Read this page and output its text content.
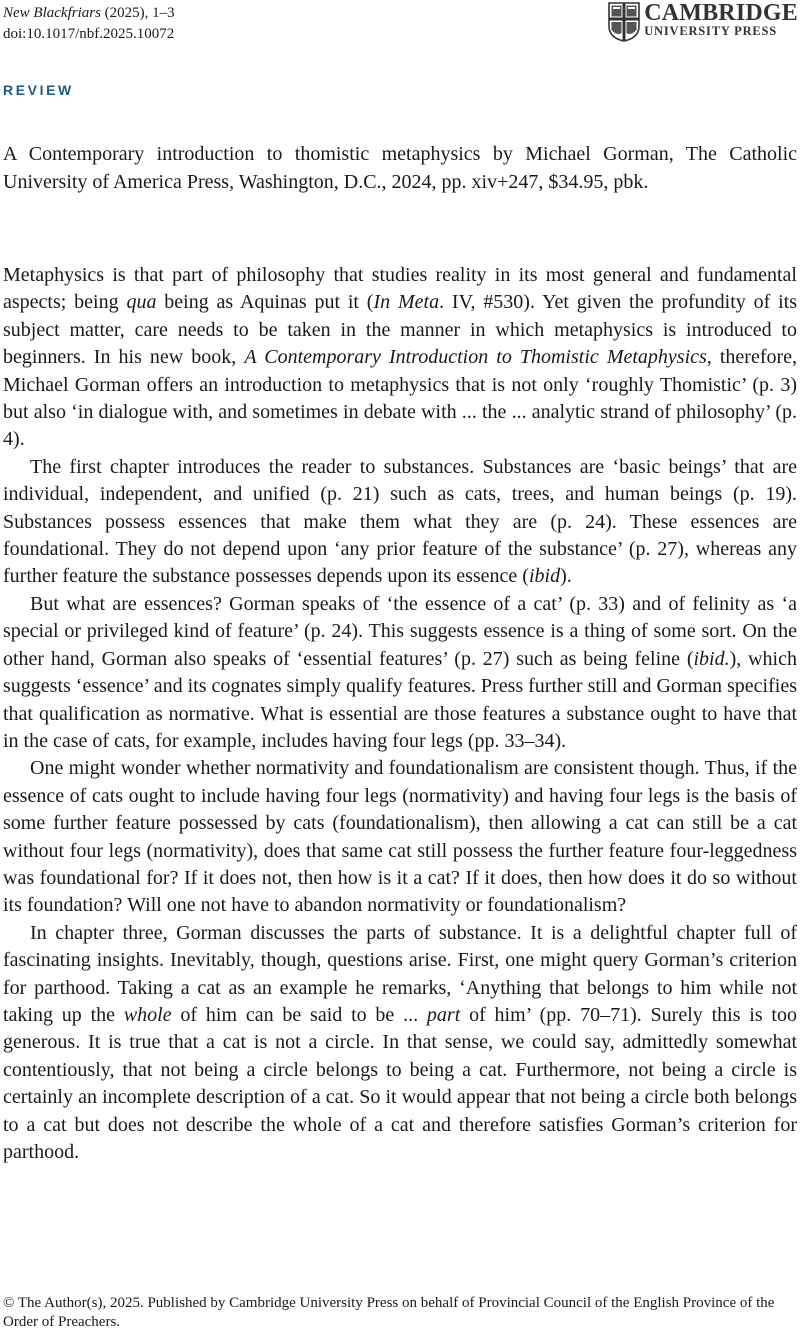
New Blackfriars (2025), 1–3
doi:10.1017/nbf.2025.10072
CAMBRIDGE
UNIVERSITY PRESS
REVIEW
A Contemporary introduction to thomistic metaphysics by Michael Gorman, The Catholic University of America Press, Washington, D.C., 2024, pp. xiv+247, $34.95, pbk.

Metaphysics is that part of philosophy that studies reality in its most general and fundamental aspects; being qua being as Aquinas put it (In Meta. IV, #530). Yet given the profundity of its subject matter, care needs to be taken in the manner in which metaphysics is introduced to beginners. In his new book, A Contemporary Introduction to Thomistic Metaphysics, therefore, Michael Gorman offers an introduction to metaphysics that is not only ‘roughly Thomistic’ (p. 3) but also ‘in dialogue with, and sometimes in debate with ... the ... analytic strand of philosophy’ (p. 4).

The first chapter introduces the reader to substances. Substances are ‘basic beings’ that are individual, independent, and unified (p. 21) such as cats, trees, and human beings (p. 19). Substances possess essences that make them what they are (p. 24). These essences are foundational. They do not depend upon ‘any prior feature of the substance’ (p. 27), whereas any further feature the substance possesses depends upon its essence (ibid).

But what are essences? Gorman speaks of ‘the essence of a cat’ (p. 33) and of felinity as ‘a special or privileged kind of feature’ (p. 24). This suggests essence is a thing of some sort. On the other hand, Gorman also speaks of ‘essential features’ (p. 27) such as being feline (ibid.), which suggests ‘essence’ and its cognates simply qualify features. Press further still and Gorman specifies that qualification as normative. What is essential are those features a substance ought to have that in the case of cats, for example, includes having four legs (pp. 33–34).

One might wonder whether normativity and foundationalism are consistent though. Thus, if the essence of cats ought to include having four legs (normativity) and having four legs is the basis of some further feature possessed by cats (foundationalism), then allowing a cat can still be a cat without four legs (normativity), does that same cat still possess the further feature four-leggedness was foundational for? If it does not, then how is it a cat? If it does, then how does it do so without its foundation? Will one not have to abandon normativity or foundationalism?

In chapter three, Gorman discusses the parts of substance. It is a delightful chapter full of fascinating insights. Inevitably, though, questions arise. First, one might query Gorman’s criterion for parthood. Taking a cat as an example he remarks, ‘Anything that belongs to him while not taking up the whole of him can be said to be ... part of him’ (pp. 70–71). Surely this is too generous. It is true that a cat is not a circle. In that sense, we could say, admittedly somewhat contentiously, that not being a circle belongs to being a cat. Furthermore, not being a circle is certainly an incomplete description of a cat. So it would appear that not being a circle both belongs to a cat but does not describe the whole of a cat and therefore satisfies Gorman’s criterion for parthood.

© The Author(s), 2025. Published by Cambridge University Press on behalf of Provincial Council of the English Province of the Order of Preachers.
